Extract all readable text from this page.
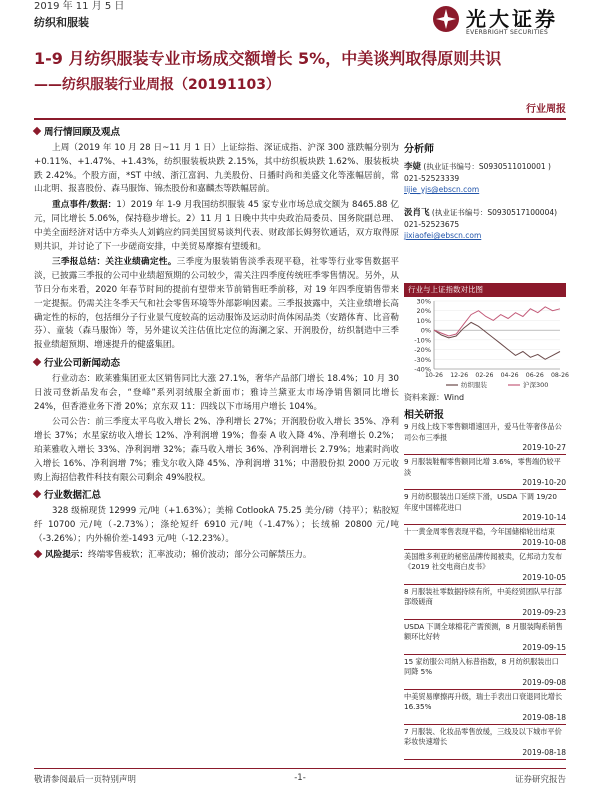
2019 年 11 月 5 日
纺织和服装	光大证券
EVERBRIGHT SECURITIES
1-9 月纺织服装专业市场成交额增长 5%，中美谈判取得原则共识
——纺织服装行业周报（20191103）
行业周报
周行情回顾及观点

上周（2019 年 10 月 28 日~11 月 1 日）上证综指、深证成指、沪深 300 涨跌幅分别为+0.11%、+1.47%、+1.43%，纺织服装板块跌 2.15%，其中纺织板块跌 1.62%、服装板块跌 2.42%。个股方面，*ST 中绒、浙江富润、九美股份、日播时尚和美盛文化等涨幅居前，常山北明、报喜股份、森马服饰、锦杰股份和嘉麟杰等跌幅居前。

重点事件/数据：1）2019 年 1-9 月我国纺织服装 45 家专业市场总成交额为 8465.88 亿元，同比增长 5.06%，保持稳步增长。2）11 月 1 日晚中共中央政治局委员、国务院副总理、中美全面经济对话中方牵头人刘鹤应约同美国贸易谈判代表、财政部长姆努钦通话，双方取得原则共识，并讨论了下一步磋商安排，中美贸易摩擦有望缓和。

三季报总结：关注业绩确定性。三季度为服装销售淡季表现平稳，社零等行业零售数据平淡，已披露三季报的公司中业绩超预期的公司较少，需关注四季度传统旺季零售情况。另外，从节日分布来看，2020 年春节时间的提前有望带来节前销售旺季前移，对 19 年四季度销售带来一定提振。仍需关注冬季天气和社会零售环境等外部影响因素。三季报披露中，关注业绩增长高确定性的标的，包括细分子行业景气度较高的运动服饰及运动时尚体闲品类（安踏体育、比音勒芬）、童装（森马服饰）等，另外建议关注估值比定位的海澜之家、开润股份，纺织制造中三季报业绩超预期、增速提升的健盛集团。

行业公司新闻动态

行业动态：欧莱雅集团亚太区销售同比大涨 27.1%，奢华产品部门增长 18.4%；10 月 30 日波司登新品发布会，“登峰”系列羽绒服全新面市；雅诗兰黛亚太市场净销售额同比增长 24%，但香港业务下滑 20%；京东双 11：四线以下市场用户增长 104%。

公司公告：前三季度太平鸟收入增长 2%、净利增长 27%；开润股份收入增长 35%、净利增长 37%；水星家纺收入增长 12%、净利润增 19%；鲁泰 A 收入降 4%、净利增长 0.2%；珀莱雅收入增长 33%、净利润增 32%；森马收入增长 36%、净利润增长 2.79%；地素时尚收入增长 16%、净利润增 7%；雅戈尔收入降 45%、净利润增 31%；中潜股份拟 2000 万元收购上海招信教件科技有限公司剩余 49%股权。

行业数据汇总

328 级棉现货 12999 元/吨（+1.63%）；美棉 CotlookA 75.25 美分/磅（持平）；粘胶短纤 10700 元/吨（-2.73%）；涤纶短纤 6910 元/吨（-1.47%）；长绒棉 20800 元/吨（-3.26%）；内外棉价差-1493 元/吨（-12.23%）。

风险提示：终端零售疲软；汇率波动；棉价波动；部分公司解禁压力。

分析师
李婕 (执业证书编号：S0930511010001 )
021-52523339
lijie_yjs@ebscn.com
汲肖飞 (执业证书编号：S0930517100004)
021-52523675
jixiaofei@ebscn.com
行业与上证指数对比图
-40%
-30%
-20%
-10%
0%
10%
20%
30%
10-26 12-26 02-26 04-26 06-26 08-26
纺织服装	沪深300
资料来源：Wind
相关研报
9 月线上线下零售额增速回升，爱马仕等奢侈品公司公布三季报
2019-10-27
9 月服装鞋帽零售额同比增 3.6%，零售端仍较平淡
2019-10-20
9 月纺织服装出口延续下滑，USDA 下调 19/20 年度中国棉花进口
2019-10-14
十一黄金周零售表现平稳，今年国储棉轮出结束
2019-10-08
美国维多利亚的秘密品牌传闻被卖，亿邦动力发布《2019 社交电商白皮书》
2019-10-05
8 月服装社零数据持续有所，中美经贸团队早行部部级磋商
2019-09-23
USDA 下调全球棉花产需预测，8 月服装陶系销售额环比好转
2019-09-15
15 家纺服公司纳入标普指数，8 月纺织服装出口同降 5%
2019-09-08
中美贸易摩擦再升级，瑞士手表出口衰退同比增长 16.35%
2019-08-18
7 月服装、化妆品零售放缓，三线及以下城市平价彩妆快速增长
2019-08-18
敬请参阅最后一页特别声明	-1-	证券研究报告
